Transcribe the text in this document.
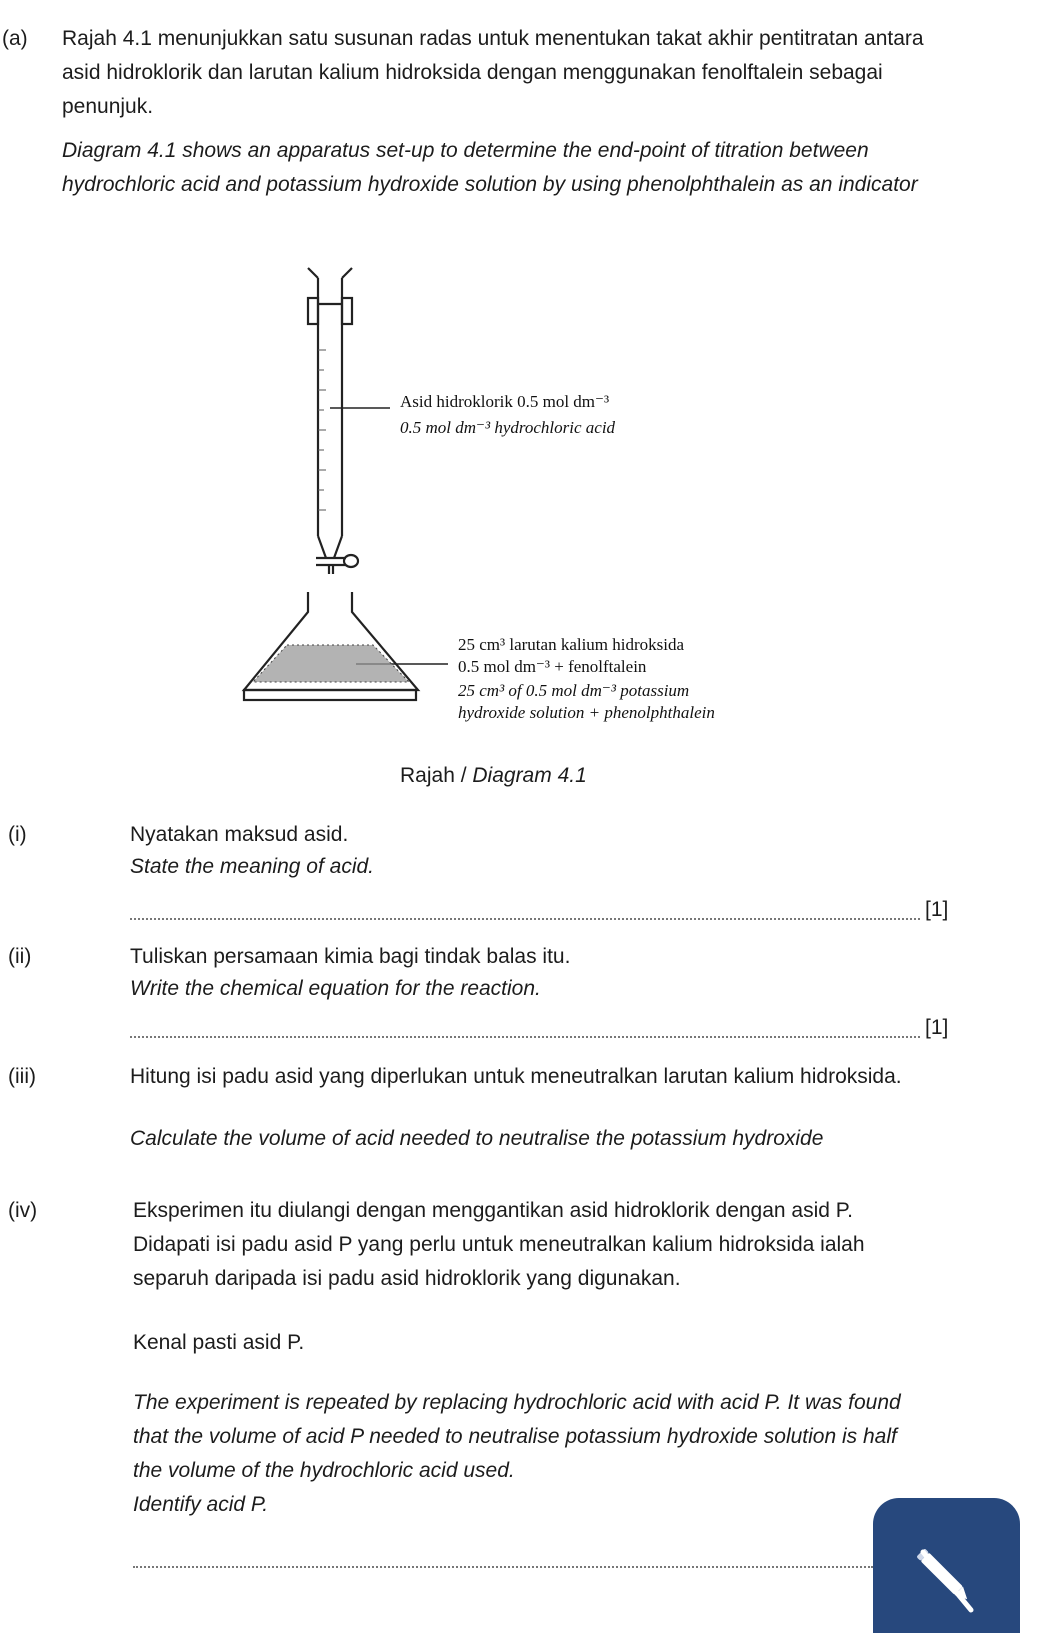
(a) Rajah 4.1 menunjukkan satu susunan radas untuk menentukan takat akhir pentitratan antara asid hidroklorik dan larutan kalium hidroksida dengan menggunakan fenolftalein sebagai penunjuk.
Diagram 4.1 shows an apparatus set-up to determine the end-point of titration between hydrochloric acid and potassium hydroxide solution by using phenolphthalein as an indicator
Asid hidroklorik 0.5 mol dm⁻³
0.5 mol dm⁻³ hydrochloric acid
25 cm³ larutan kalium hidroksida
0.5 mol dm⁻³ + fenolftalein
25 cm³ of 0.5 mol dm⁻³ potassium
hydroxide solution + phenolphthalein
Rajah / Diagram 4.1
(i)	Nyatakan maksud asid.
State the meaning of acid.
[1]
(ii)	Tuliskan persamaan kimia bagi tindak balas itu.
Write the chemical equation for the reaction.
[1]
(iii)	Hitung isi padu asid yang diperlukan untuk meneutralkan larutan kalium hidroksida.
Calculate the volume of acid needed to neutralise the potassium hydroxide
(iv)	Eksperimen itu diulangi dengan menggantikan asid hidroklorik dengan asid P. Didapati isi padu asid P yang perlu untuk meneutralkan kalium hidroksida ialah separuh daripada isi padu asid hidroklorik yang digunakan.
Kenal pasti asid P.
The experiment is repeated by replacing hydrochloric acid with acid P. It was found that the volume of acid P needed to neutralise potassium hydroxide solution is half the volume of the hydrochloric acid used.
Identify acid P.
